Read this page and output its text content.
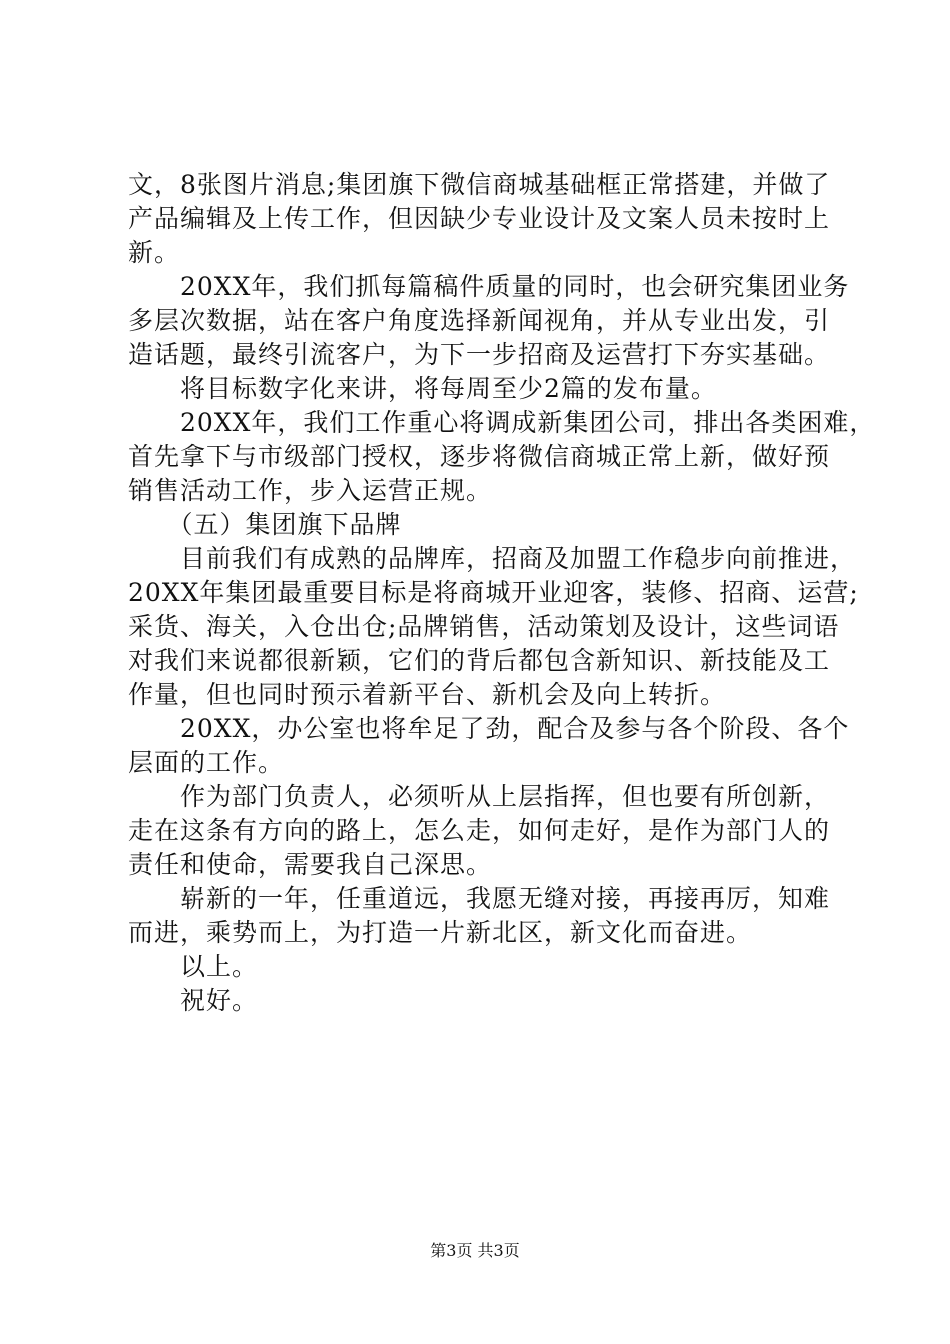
文，8张图片消息;集团旗下微信商城基础框正常搭建，并做了
产品编辑及上传工作，但因缺少专业设计及文案人员未按时上
新。
　　20XX年，我们抓每篇稿件质量的同时，也会研究集团业务
多层次数据，站在客户角度选择新闻视角，并从专业出发，引
造话题，最终引流客户，为下一步招商及运营打下夯实基础。
　　将目标数字化来讲，将每周至少2篇的发布量。
　　20XX年，我们工作重心将调成新集团公司，排出各类困难，
首先拿下与市级部门授权，逐步将微信商城正常上新，做好预
销售活动工作，步入运营正规。
　　（五）集团旗下品牌
　　目前我们有成熟的品牌库，招商及加盟工作稳步向前推进，
20XX年集团最重要目标是将商城开业迎客，装修、招商、运营;
采货、海关，入仓出仓;品牌销售，活动策划及设计，这些词语
对我们来说都很新颖，它们的背后都包含新知识、新技能及工
作量，但也同时预示着新平台、新机会及向上转折。
　　20XX，办公室也将牟足了劲，配合及参与各个阶段、各个
层面的工作。
　　作为部门负责人，必须听从上层指挥，但也要有所创新，
走在这条有方向的路上，怎么走，如何走好，是作为部门人的
责任和使命，需要我自己深思。
　　崭新的一年，任重道远，我愿无缝对接，再接再厉，知难
而进，乘势而上，为打造一片新北区，新文化而奋进。
　　以上。
　　祝好。
第3页 共3页
